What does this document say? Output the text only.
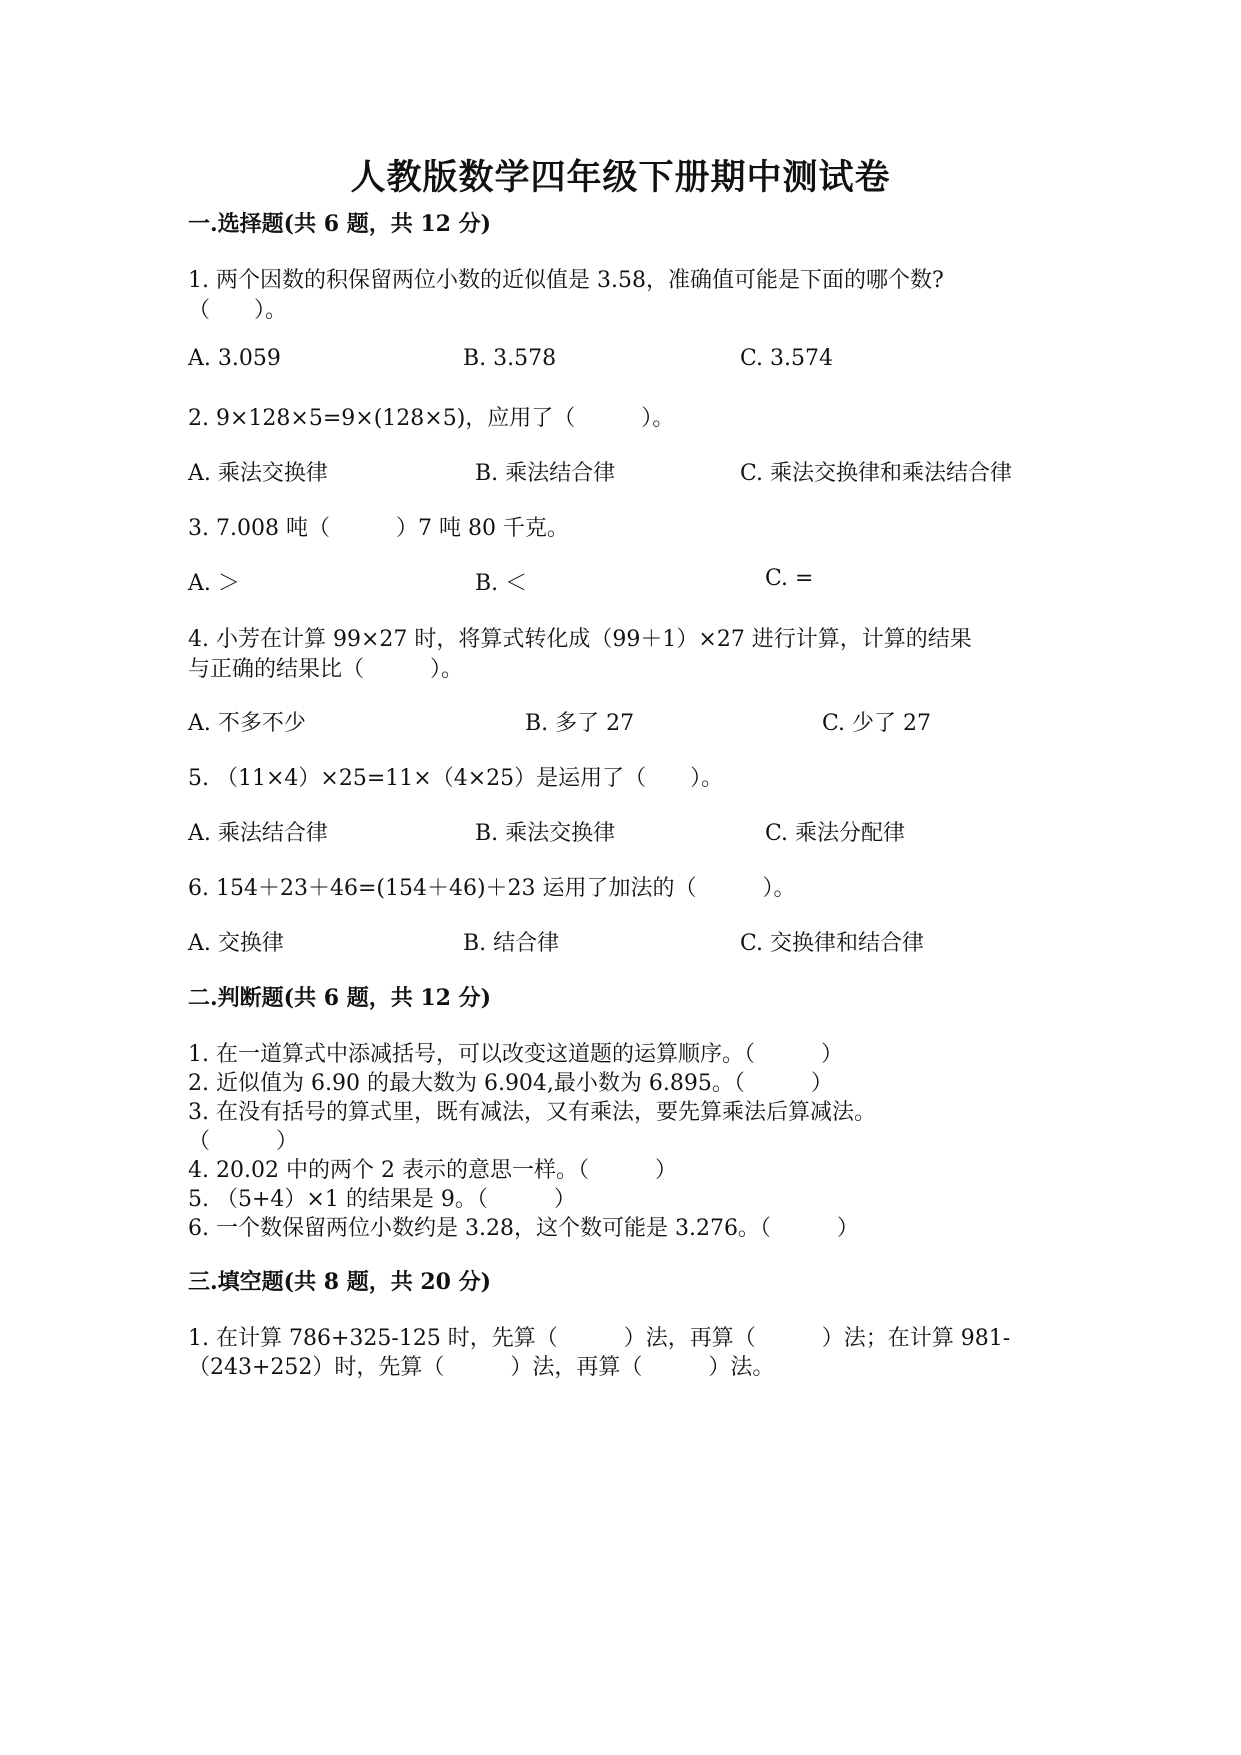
人教版数学四年级下册期中测试卷
一.选择题(共 6 题，共 12 分)
1. 两个因数的积保留两位小数的近似值是 3.58，准确值可能是下面的哪个数?
（　　）。
A. 3.059	B. 3.578	C. 3.574
2. 9×128×5=9×(128×5)，应用了（　　　）。
A. 乘法交换律	B. 乘法结合律	C. 乘法交换律和乘法结合律
3. 7.008 吨（　　　）7 吨 80 千克。
A. ＞	B. ＜	C. =
4. 小芳在计算 99×27 时，将算式转化成（99＋1）×27 进行计算，计算的结果
与正确的结果比（　　　）。
A. 不多不少	B. 多了 27	C. 少了 27
5. （11×4）×25=11×（4×25）是运用了（　　）。
A. 乘法结合律	B. 乘法交换律	C. 乘法分配律
6. 154＋23＋46=(154＋46)＋23 运用了加法的（　　　）。
A. 交换律	B. 结合律	C. 交换律和结合律
二.判断题(共 6 题，共 12 分)
1. 在一道算式中添减括号，可以改变这道题的运算顺序。（　　　）
2. 近似值为 6.90 的最大数为 6.904,最小数为 6.895。（　　　）
3. 在没有括号的算式里，既有减法，又有乘法，要先算乘法后算减法。
（　　　）
4. 20.02 中的两个 2 表示的意思一样。（　　　）
5. （5+4）×1 的结果是 9。（　　　）
6. 一个数保留两位小数约是 3.28，这个数可能是 3.276。（　　　）
三.填空题(共 8 题，共 20 分)
1. 在计算 786+325-125 时，先算（　　　）法，再算（　　　）法；在计算 981-
（243+252）时，先算（　　　）法，再算（　　　）法。
